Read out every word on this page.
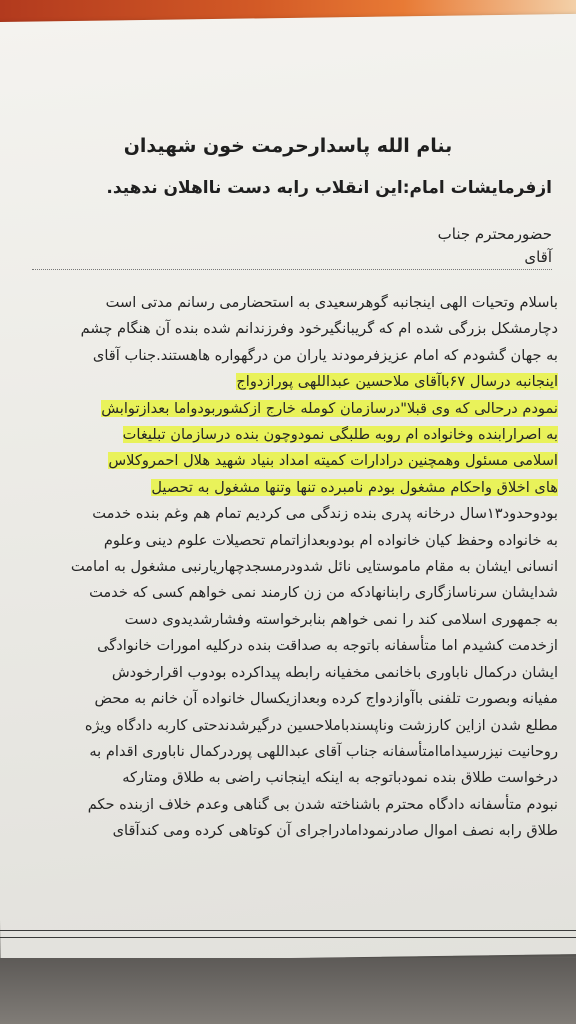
بنام الله پاسدارحرمت خون شهیدان

ازفرمایشات امام:این انقلاب رابه دست نااهلان ندهید.

حضورمحترم جناب

آقای

باسلام وتحیات الهی اینجانبه گوهرسعیدی به استحضارمی رسانم مدتی است
دچارمشکل بزرگی شده ام که گریبانگیرخود وفرزندانم شده بنده آن هنگام چشم
به جهان گشودم که امام عزیزفرمودند یاران من درگهواره هاهستند.جناب آقای
اینجانبه درسال ۶۷باآقای ملاحسین عبداللهی پورازدواج
نمودم درحالی که وی قبلا"درسازمان کومله خارج ازکشوربودواما بعدازتوابش
به اصرارابنده وخانواده ام روبه طلبگی نمودوچون بنده درسازمان تبلیغات
اسلامی مسئول وهمچنین درادارات کمیته امداد بنیاد شهید هلال احمروکلاس
های اخلاق واحکام مشغول بودم نامبرده تنها وتنها مشغول به تحصیل
بودوحدود۱۳سال درخانه پدری بنده زندگی می کردیم تمام هم وغم بنده خدمت
به خانواده وحفظ کیان خانواده ام بودوبعدازاتمام تحصیلات علوم دینی وعلوم
انسانی ایشان به مقام ماموستایی نائل شدودرمسجدچهاریارنبی مشغول به امامت
شدایشان سرناسازگاری رابنانهادکه من زن کارمند نمی خواهم کسی که خدمت
به جمهوری اسلامی کند را نمی خواهم بنابرخواسته وفشارشدیدوی دست
ازخدمت کشیدم اما متأسفانه باتوجه به صداقت بنده درکلیه امورات خانوادگی
ایشان درکمال ناباوری باخانمی مخفیانه رابطه پیداکرده بودوب اقرارخودش
مفیانه وبصورت تلفنی باآوازدواج کرده وبعدازیکسال خانواده آن خانم به محض
مطلع شدن ازاین کارزشت وناپسندباملاحسین درگیرشدندحتی کاربه دادگاه ویژه
روحانیت نیزرسیداماامتأسفانه جناب آقای عبداللهی پوردرکمال ناباوری اقدام به
درخواست طلاق بنده نمودباتوجه به اینکه اینجانب راضی به طلاق ومتارکه
نبودم متأسفانه دادگاه محترم باشناخته شدن بی گناهی وعدم خلاف ازبنده حکم
طلاق رابه نصف اموال صادرنمودامادراجرای آن کوتاهی کرده ومی کندآقای
